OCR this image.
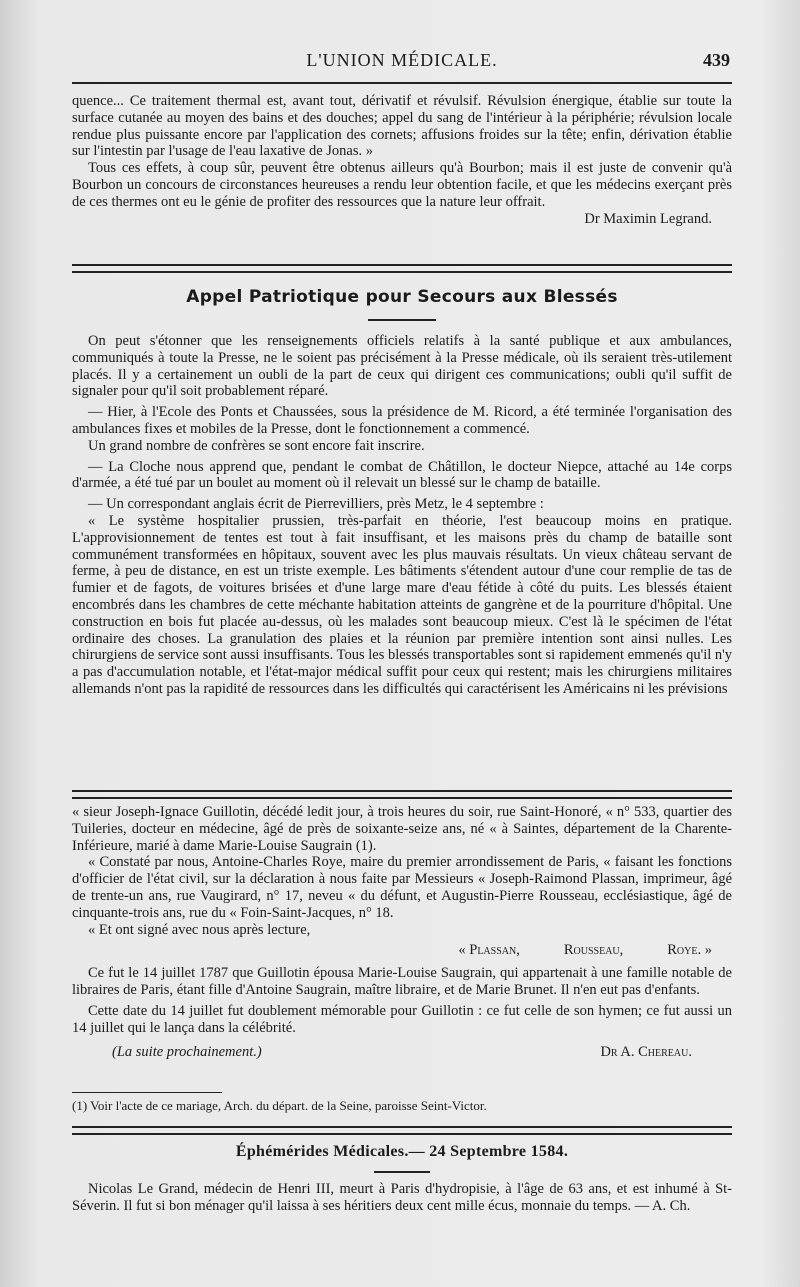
L'UNION MÉDICALE.	439

quence... Ce traitement thermal est, avant tout, dérivatif et révulsif. Révulsion énergique, établie sur toute la surface cutanée au moyen des bains et des douches; appel du sang de l'intérieur à la périphérie; révulsion locale rendue plus puissante encore par l'application des cornets; affusions froides sur la tête; enfin, dérivation établie sur l'intestin par l'usage de l'eau laxative de Jonas. »

Tous ces effets, à coup sûr, peuvent être obtenus ailleurs qu'à Bourbon; mais il est juste de convenir qu'à Bourbon un concours de circonstances heureuses a rendu leur obtention facile, et que les médecins exerçant près de ces thermes ont eu le génie de profiter des ressources que la nature leur offrait.

Dr Maximin Legrand.

Appel Patriotique pour Secours aux Blessés

On peut s'étonner que les renseignements officiels relatifs à la santé publique et aux ambulances, communiqués à toute la Presse, ne le soient pas précisément à la Presse médicale, où ils seraient très-utilement placés. Il y a certainement un oubli de la part de ceux qui dirigent ces communications; oubli qu'il suffit de signaler pour qu'il soit probablement réparé.

— Hier, à l'Ecole des Ponts et Chaussées, sous la présidence de M. Ricord, a été terminée l'organisation des ambulances fixes et mobiles de la Presse, dont le fonctionnement a commencé.

Un grand nombre de confrères se sont encore fait inscrire.

— La Cloche nous apprend que, pendant le combat de Châtillon, le docteur Niepce, attaché au 14e corps d'armée, a été tué par un boulet au moment où il relevait un blessé sur le champ de bataille.

— Un correspondant anglais écrit de Pierrevilliers, près Metz, le 4 septembre :

« Le système hospitalier prussien, très-parfait en théorie, l'est beaucoup moins en pratique. L'approvisionnement de tentes est tout à fait insuffisant, et les maisons près du champ de bataille sont communément transformées en hôpitaux, souvent avec les plus mauvais résultats. Un vieux château servant de ferme, à peu de distance, en est un triste exemple. Les bâtiments s'étendent autour d'une cour remplie de tas de fumier et de fagots, de voitures brisées et d'une large mare d'eau fétide à côté du puits. Les blessés étaient encombrés dans les chambres de cette méchante habitation atteints de gangrène et de la pourriture d'hôpital. Une construction en bois fut placée au-dessus, où les malades sont beaucoup mieux. C'est là le spécimen de l'état ordinaire des choses. La granulation des plaies et la réunion par première intention sont ainsi nulles. Les chirurgiens de service sont aussi insuffisants. Tous les blessés transportables sont si rapidement emmenés qu'il n'y a pas d'accumulation notable, et l'état-major médical suffit pour ceux qui restent; mais les chirurgiens militaires allemands n'ont pas la rapidité de ressources dans les difficultés qui caractérisent les Américains ni les prévisions

« sieur Joseph-Ignace Guillotin, décédé ledit jour, à trois heures du soir, rue Saint-Honoré, « n° 533, quartier des Tuileries, docteur en médecine, âgé de près de soixante-seize ans, né « à Saintes, département de la Charente-Inférieure, marié à dame Marie-Louise Saugrain (1).

« Constaté par nous, Antoine-Charles Roye, maire du premier arrondissement de Paris, « faisant les fonctions d'officier de l'état civil, sur la déclaration à nous faite par Messieurs « Joseph-Raimond Plassan, imprimeur, âgé de trente-un ans, rue Vaugirard, n° 17, neveu « du défunt, et Augustin-Pierre Rousseau, ecclésiastique, âgé de cinquante-trois ans, rue du « Foin-Saint-Jacques, n° 18.

« Et ont signé avec nous après lecture,

« Plassan,	Rousseau,	Roye. »

Ce fut le 14 juillet 1787 que Guillotin épousa Marie-Louise Saugrain, qui appartenait à une famille notable de libraires de Paris, étant fille d'Antoine Saugrain, maître libraire, et de Marie Brunet. Il n'en eut pas d'enfants.

Cette date du 14 juillet fut doublement mémorable pour Guillotin : ce fut celle de son hymen; ce fut aussi un 14 juillet qui le lança dans la célébrité.

(La suite prochainement.)	Dr A. Chereau.
(1) Voir l'acte de ce mariage, Arch. du départ. de la Seine, paroisse Seint-Victor.
Éphémérides Médicales.— 24 Septembre 1584.

Nicolas Le Grand, médecin de Henri III, meurt à Paris d'hydropisie, à l'âge de 63 ans, et est inhumé à St-Séverin. Il fut si bon ménager qu'il laissa à ses héritiers deux cent mille écus, monnaie du temps. — A. Ch.
